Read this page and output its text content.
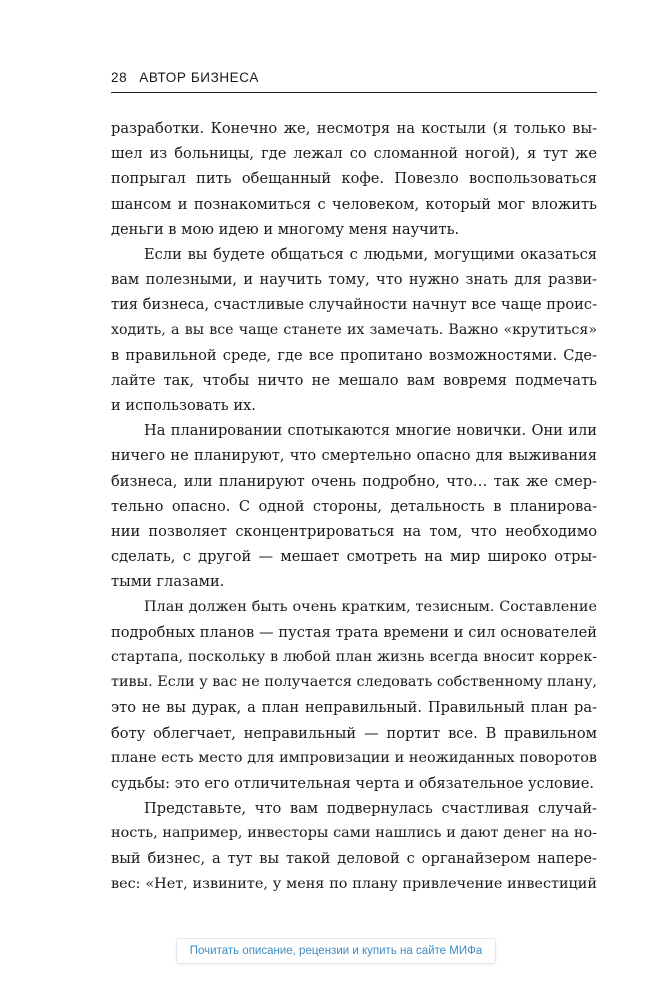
28 АВТОР БИЗНЕСА
разработки. Конечно же, несмотря на костыли (я только вы-
шел из больницы, где лежал со сломанной ногой), я тут же
попрыгал пить обещанный кофе. Повезло воспользоваться
шансом и познакомиться с человеком, который мог вложить
деньги в мою идею и многому меня научить.
Если вы будете общаться с людьми, могущими оказаться
вам полезными, и научить тому, что нужно знать для разви-
тия бизнеса, счастливые случайности начнут все чаще проис-
ходить, а вы все чаще станете их замечать. Важно «крутиться»
в правильной среде, где все пропитано возможностями. Сде-
лайте так, чтобы ничто не мешало вам вовремя подмечать
и использовать их.
На планировании спотыкаются многие новички. Они или
ничего не планируют, что смертельно опасно для выживания
бизнеса, или планируют очень подробно, что… так же смер-
тельно опасно. С одной стороны, детальность в планирова-
нии позволяет сконцентрироваться на том, что необходимо
сделать, с другой — мешает смотреть на мир широко отры-
тыми глазами.
План должен быть очень кратким, тезисным. Составление
подробных планов — пустая трата времени и сил основателей
стартапа, поскольку в любой план жизнь всегда вносит коррек-
тивы. Если у вас не получается следовать собственному плану,
это не вы дурак, а план неправильный. Правильный план ра-
боту облегчает, неправильный — портит все. В правильном
плане есть место для импровизации и неожиданных поворотов
судьбы: это его отличительная черта и обязательное условие.
Представьте, что вам подвернулась счастливая случай-
ность, например, инвесторы сами нашлись и дают денег на но-
вый бизнес, а тут вы такой деловой с органайзером напере-
вес: «Нет, извините, у меня по плану привлечение инвестиций
Почитать описание, рецензии и купить на сайте МИФа
